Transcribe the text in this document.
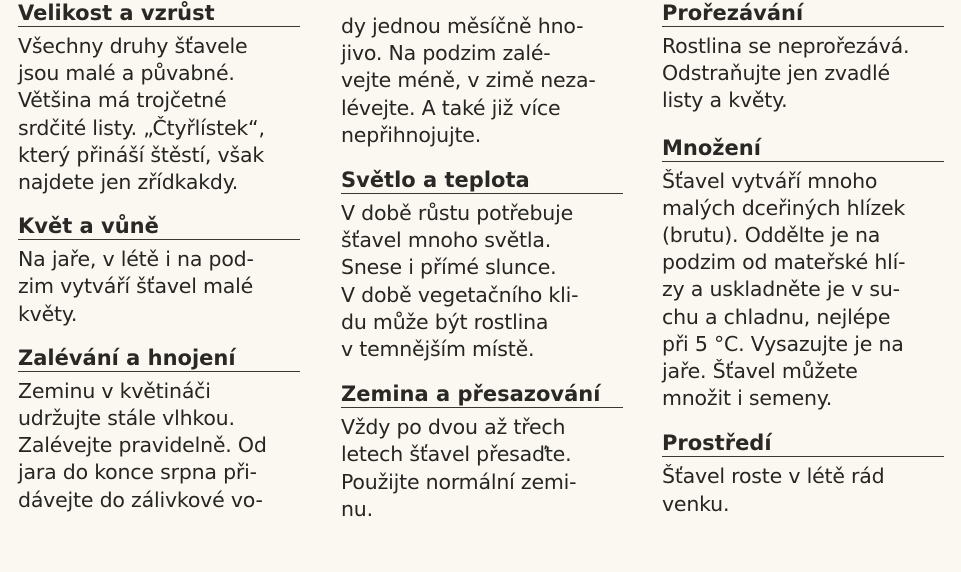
Velikost a vzrůst
Všechny druhy šťavele
jsou malé a půvabné.
Většina má trojčetné
srdčité listy. „Čtyřlístek“,
který přináší štěstí, však
najdete jen zřídkakdy.
Květ a vůně
Na jaře, v létě i na pod-
zim vytváří šťavel malé
květy.
Zalévání a hnojení
Zeminu v květináči
udržujte stále vlhkou.
Zalévejte pravidelně. Od
jara do konce srpna při-
dávejte do zálivkové vo-
dy jednou měsíčně hno-
jivo. Na podzim zalé-
vejte méně, v zimě neza-
lévejte. A také již více
nepřihnojujte.
Světlo a teplota
V době růstu potřebuje
šťavel mnoho světla.
Snese i přímé slunce.
V době vegetačního kli-
du může být rostlina
v temnějším místě.
Zemina a přesazování
Vždy po dvou až třech
letech šťavel přesaďte.
Použijte normální zemi-
nu.
Prořezávání
Rostlina se neprořezává.
Odstraňujte jen zvadlé
listy a květy.
Množení
Šťavel vytváří mnoho
malých dceřiných hlízek
(brutu). Oddělte je na
podzim od mateřské hlí-
zy a uskladněte je v su-
chu a chladnu, nejlépe
při 5 °C. Vysazujte je na
jaře. Šťavel můžete
množit i semeny.
Prostředí
Šťavel roste v létě rád
venku.
